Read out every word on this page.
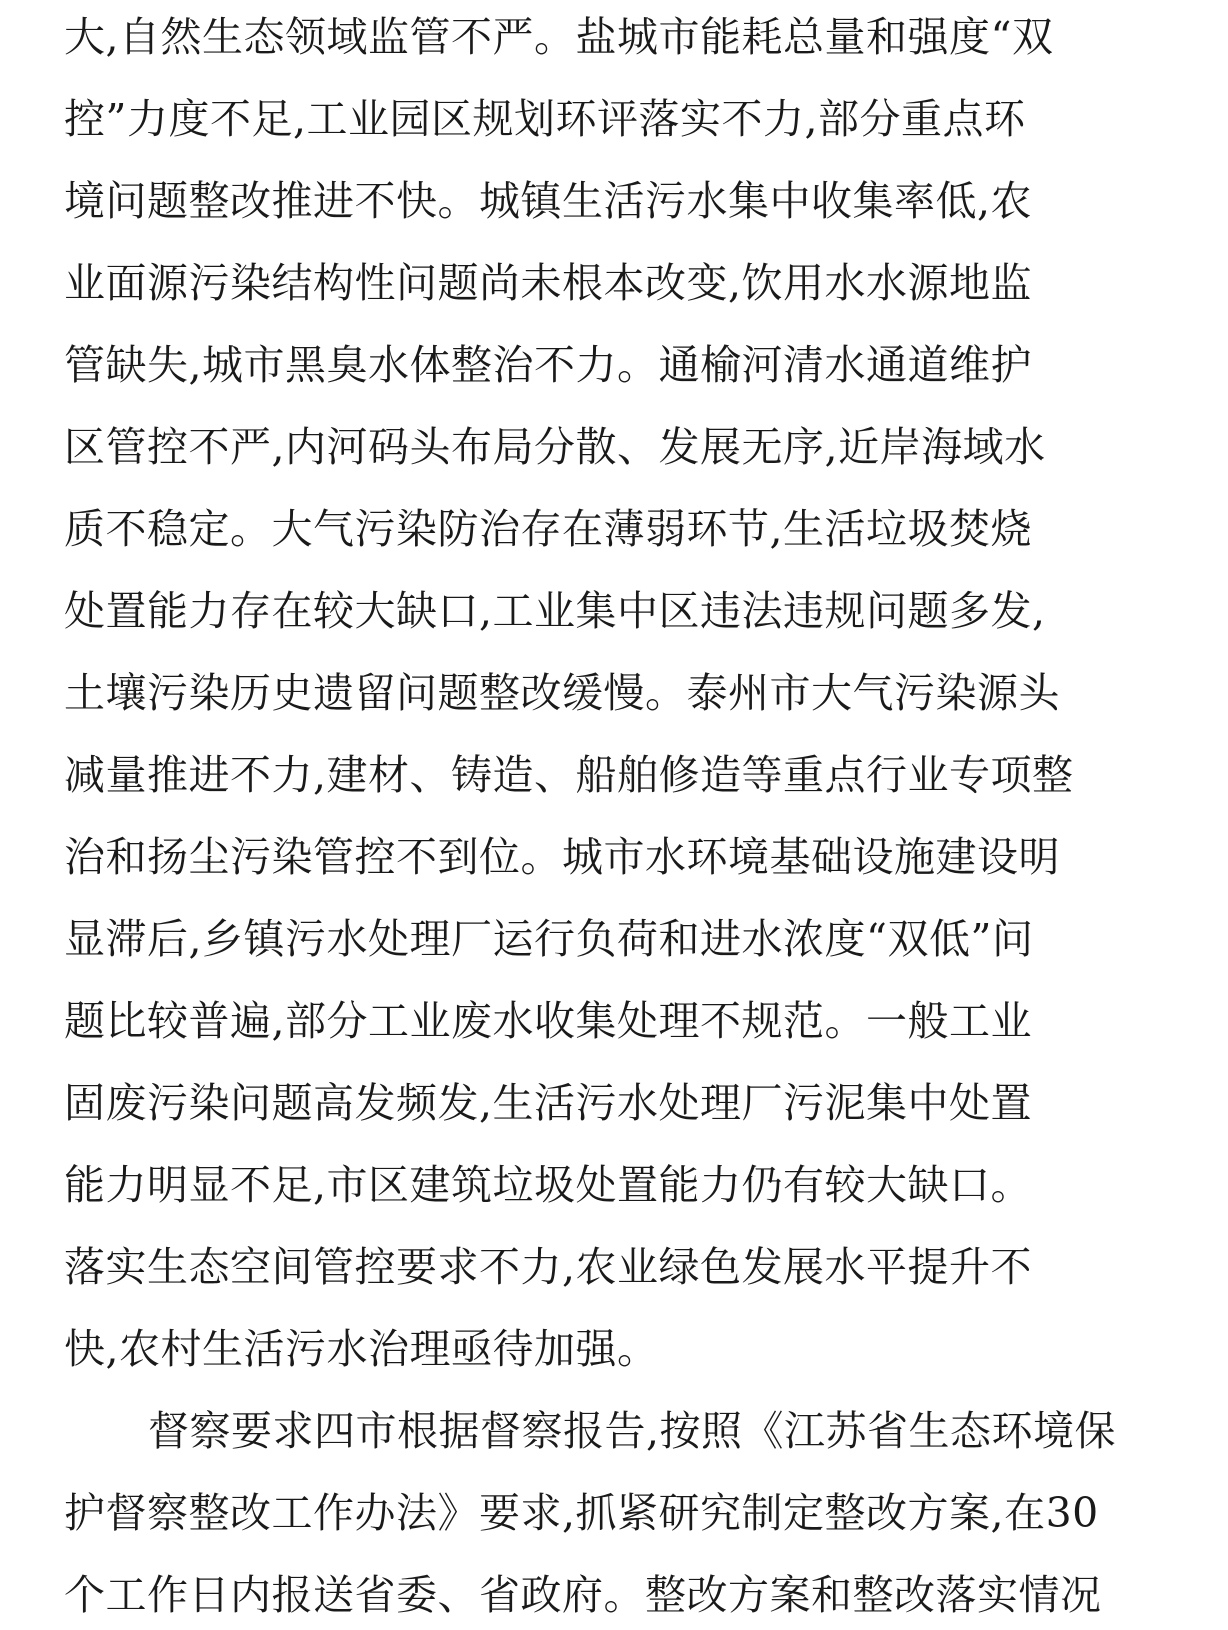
大,自然生态领域监管不严。盐城市能耗总量和强度“双
控”力度不足,工业园区规划环评落实不力,部分重点环
境问题整改推进不快。城镇生活污水集中收集率低,农
业面源污染结构性问题尚未根本改变,饮用水水源地监
管缺失,城市黑臭水体整治不力。通榆河清水通道维护
区管控不严,内河码头布局分散、发展无序,近岸海域水
质不稳定。大气污染防治存在薄弱环节,生活垃圾焚烧
处置能力存在较大缺口,工业集中区违法违规问题多发,
土壤污染历史遗留问题整改缓慢。泰州市大气污染源头
减量推进不力,建材、铸造、船舶修造等重点行业专项整
治和扬尘污染管控不到位。城市水环境基础设施建设明
显滞后,乡镇污水处理厂运行负荷和进水浓度“双低”问
题比较普遍,部分工业废水收集处理不规范。一般工业
固废污染问题高发频发,生活污水处理厂污泥集中处置
能力明显不足,市区建筑垃圾处置能力仍有较大缺口。
落实生态空间管控要求不力,农业绿色发展水平提升不
快,农村生活污水治理亟待加强。
督察要求四市根据督察报告,按照《江苏省生态环境保
护督察整改工作办法》要求,抓紧研究制定整改方案,在30
个工作日内报送省委、省政府。整改方案和整改落实情况
